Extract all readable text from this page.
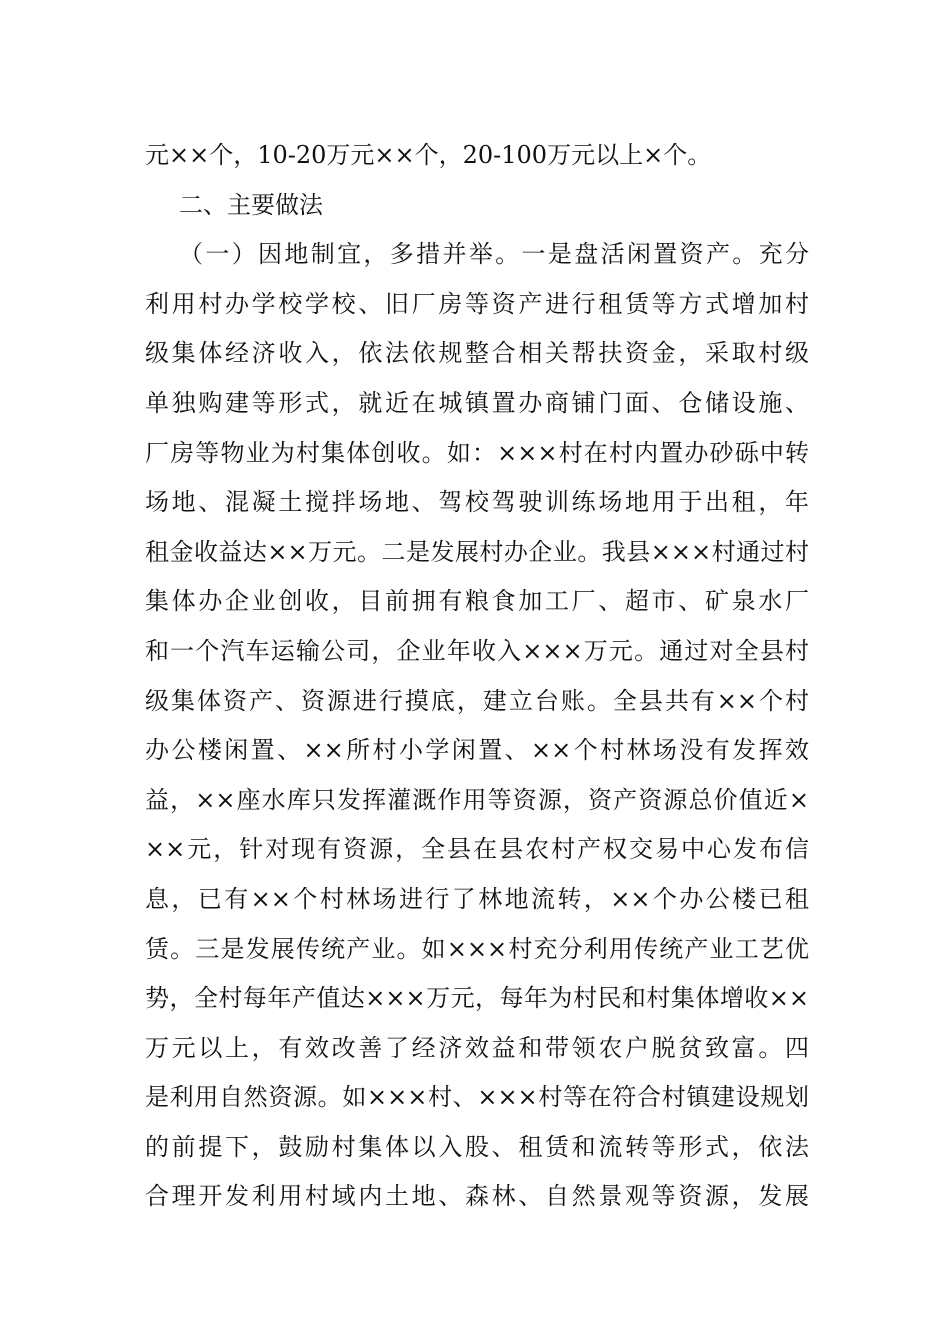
元××个，10-20万元××个，20-100万元以上×个。
二、主要做法
（一）因地制宜，多措并举。一是盘活闲置资产。充分
利用村办学校学校、旧厂房等资产进行租赁等方式增加村
级集体经济收入，依法依规整合相关帮扶资金，采取村级
单独购建等形式，就近在城镇置办商铺门面、仓储设施、
厂房等物业为村集体创收。如：×××村在村内置办砂砾中转
场地、混凝土搅拌场地、驾校驾驶训练场地用于出租，年
租金收益达××万元。二是发展村办企业。我县×××村通过村
集体办企业创收，目前拥有粮食加工厂、超市、矿泉水厂
和一个汽车运输公司，企业年收入×××万元。通过对全县村
级集体资产、资源进行摸底，建立台账。全县共有××个村
办公楼闲置、××所村小学闲置、××个村林场没有发挥效
益，××座水库只发挥灌溉作用等资源，资产资源总价值近×
××元，针对现有资源，全县在县农村产权交易中心发布信
息，已有××个村林场进行了林地流转，××个办公楼已租
赁。三是发展传统产业。如×××村充分利用传统产业工艺优
势，全村每年产值达×××万元，每年为村民和村集体增收××
万元以上，有效改善了经济效益和带领农户脱贫致富。四
是利用自然资源。如×××村、×××村等在符合村镇建设规划
的前提下，鼓励村集体以入股、租赁和流转等形式，依法
合理开发利用村域内土地、森林、自然景观等资源，发展
